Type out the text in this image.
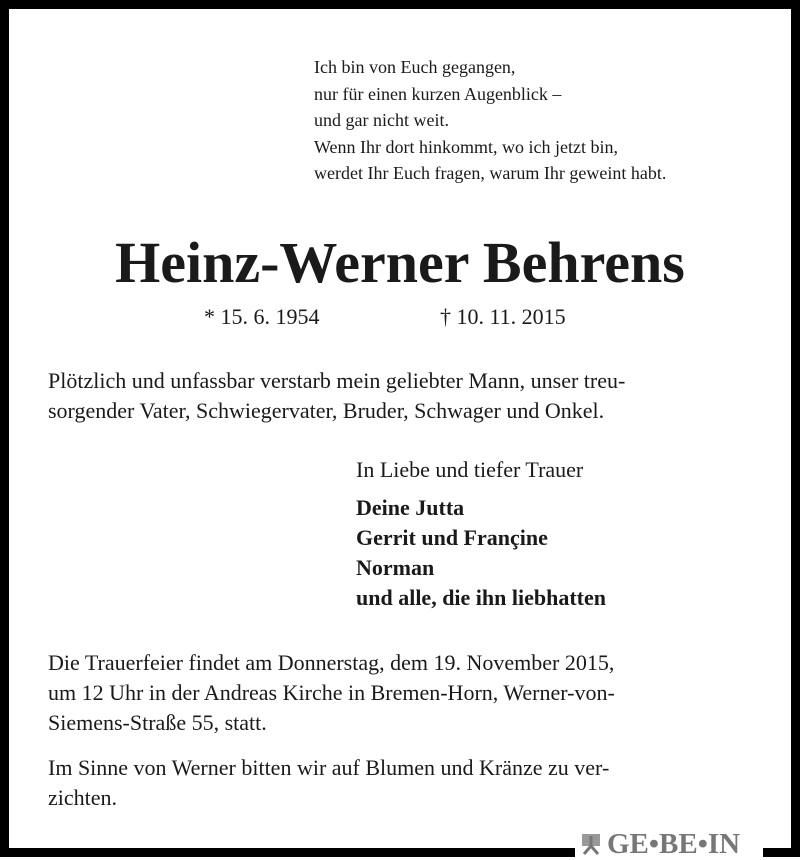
Ich bin von Euch gegangen,
nur für einen kurzen Augenblick –
und gar nicht weit.
Wenn Ihr dort hinkommt, wo ich jetzt bin,
werdet Ihr Euch fragen, warum Ihr geweint habt.
Heinz-Werner Behrens
* 15. 6. 1954	† 10. 11. 2015
Plötzlich und unfassbar verstarb mein geliebter Mann, unser treu-
sorgender Vater, Schwiegervater, Bruder, Schwager und Onkel.
In Liebe und tiefer Trauer
Deine Jutta
Gerrit und Françine
Norman
und alle, die ihn liebhatten
Die Trauerfeier findet am Donnerstag, dem 19. November 2015,
um 12 Uhr in der Andreas Kirche in Bremen-Horn, Werner-von-
Siemens-Straße 55, statt.
Im Sinne von Werner bitten wir auf Blumen und Kränze zu ver-
zichten.
GE•BE•IN
